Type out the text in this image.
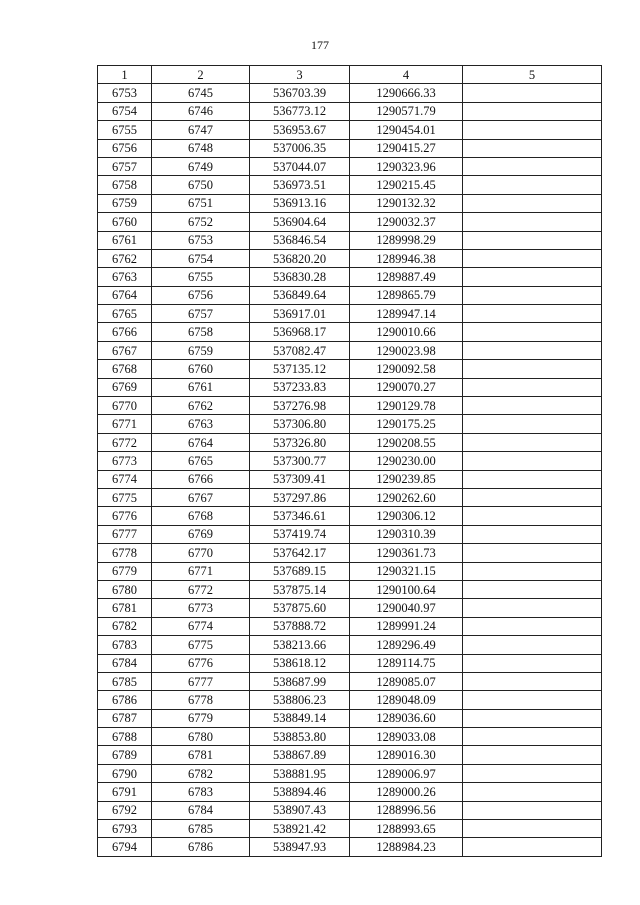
177
1	2	3	4	5
6753	6745	536703.39	1290666.33	
6754	6746	536773.12	1290571.79	
6755	6747	536953.67	1290454.01	
6756	6748	537006.35	1290415.27	
6757	6749	537044.07	1290323.96	
6758	6750	536973.51	1290215.45	
6759	6751	536913.16	1290132.32	
6760	6752	536904.64	1290032.37	
6761	6753	536846.54	1289998.29	
6762	6754	536820.20	1289946.38	
6763	6755	536830.28	1289887.49	
6764	6756	536849.64	1289865.79	
6765	6757	536917.01	1289947.14	
6766	6758	536968.17	1290010.66	
6767	6759	537082.47	1290023.98	
6768	6760	537135.12	1290092.58	
6769	6761	537233.83	1290070.27	
6770	6762	537276.98	1290129.78	
6771	6763	537306.80	1290175.25	
6772	6764	537326.80	1290208.55	
6773	6765	537300.77	1290230.00	
6774	6766	537309.41	1290239.85	
6775	6767	537297.86	1290262.60	
6776	6768	537346.61	1290306.12	
6777	6769	537419.74	1290310.39	
6778	6770	537642.17	1290361.73	
6779	6771	537689.15	1290321.15	
6780	6772	537875.14	1290100.64	
6781	6773	537875.60	1290040.97	
6782	6774	537888.72	1289991.24	
6783	6775	538213.66	1289296.49	
6784	6776	538618.12	1289114.75	
6785	6777	538687.99	1289085.07	
6786	6778	538806.23	1289048.09	
6787	6779	538849.14	1289036.60	
6788	6780	538853.80	1289033.08	
6789	6781	538867.89	1289016.30	
6790	6782	538881.95	1289006.97	
6791	6783	538894.46	1289000.26	
6792	6784	538907.43	1288996.56	
6793	6785	538921.42	1288993.65	
6794	6786	538947.93	1288984.23	
